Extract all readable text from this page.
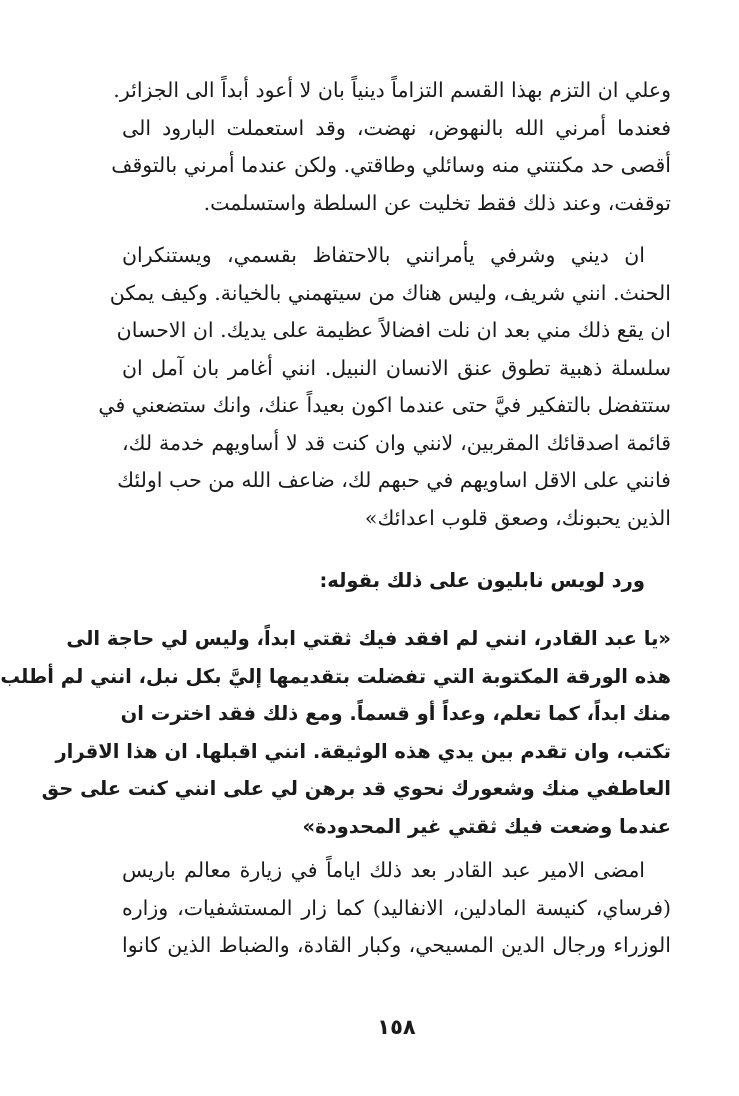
وعلي ان التزم بهذا القسم التزاماً دينياً بان لا أعود أبداً الى الجزائر.
فعندما أمرني الله بالنهوض، نهضت، وقد استعملت البارود الى
أقصى حد مكنتني منه وسائلي وطاقتي. ولكن عندما أمرني بالتوقف
توقفت، وعند ذلك فقط تخليت عن السلطة واستسلمت.
ان ديني وشرفي يأمرانني بالاحتفاظ بقسمي، ويستنكران
الحنث. انني شريف، وليس هناك من سيتهمني بالخيانة. وكيف يمكن
ان يقع ذلك مني بعد ان نلت افضالاً عظيمة على يديك. ان الاحسان
سلسلة ذهبية تطوق عنق الانسان النبيل. انني أغامر بان آمل ان
ستتفضل بالتفكير فيَّ حتى عندما اكون بعيداً عنك، وانك ستضعني في
قائمة اصدقائك المقربين، لانني وان كنت قد لا أساويهم خدمة لك،
فانني على الاقل اساويهم في حبهم لك، ضاعف الله من حب اولئك
الذين يحبونك، وصعق قلوب اعدائك»
ورد لويس نابليون على ذلك بقوله:
«يا عبد القادر، انني لم افقد فيك ثقتي ابداً، وليس لي حاجة الى
هذه الورقة المكتوبة التي تفضلت بتقديمها إليَّ بكل نبل، انني لم أطلب
منك ابداً، كما تعلم، وعداً أو قسماً. ومع ذلك فقد اخترت ان
تكتب، وان تقدم بين يدي هذه الوثيقة. انني اقبلها. ان هذا الاقرار
العاطفي منك وشعورك نحوي قد برهن لي على انني كنت على حق
عندما وضعت فيك ثقتي غير المحدودة»
امضى الامير عبد القادر بعد ذلك اياماً في زيارة معالم باريس
(فرساي، كنيسة المادلين، الانفاليد) كما زار المستشفيات، وزاره
الوزراء ورجال الدين المسيحي، وكبار القادة، والضباط الذين كانوا
١٥٨
